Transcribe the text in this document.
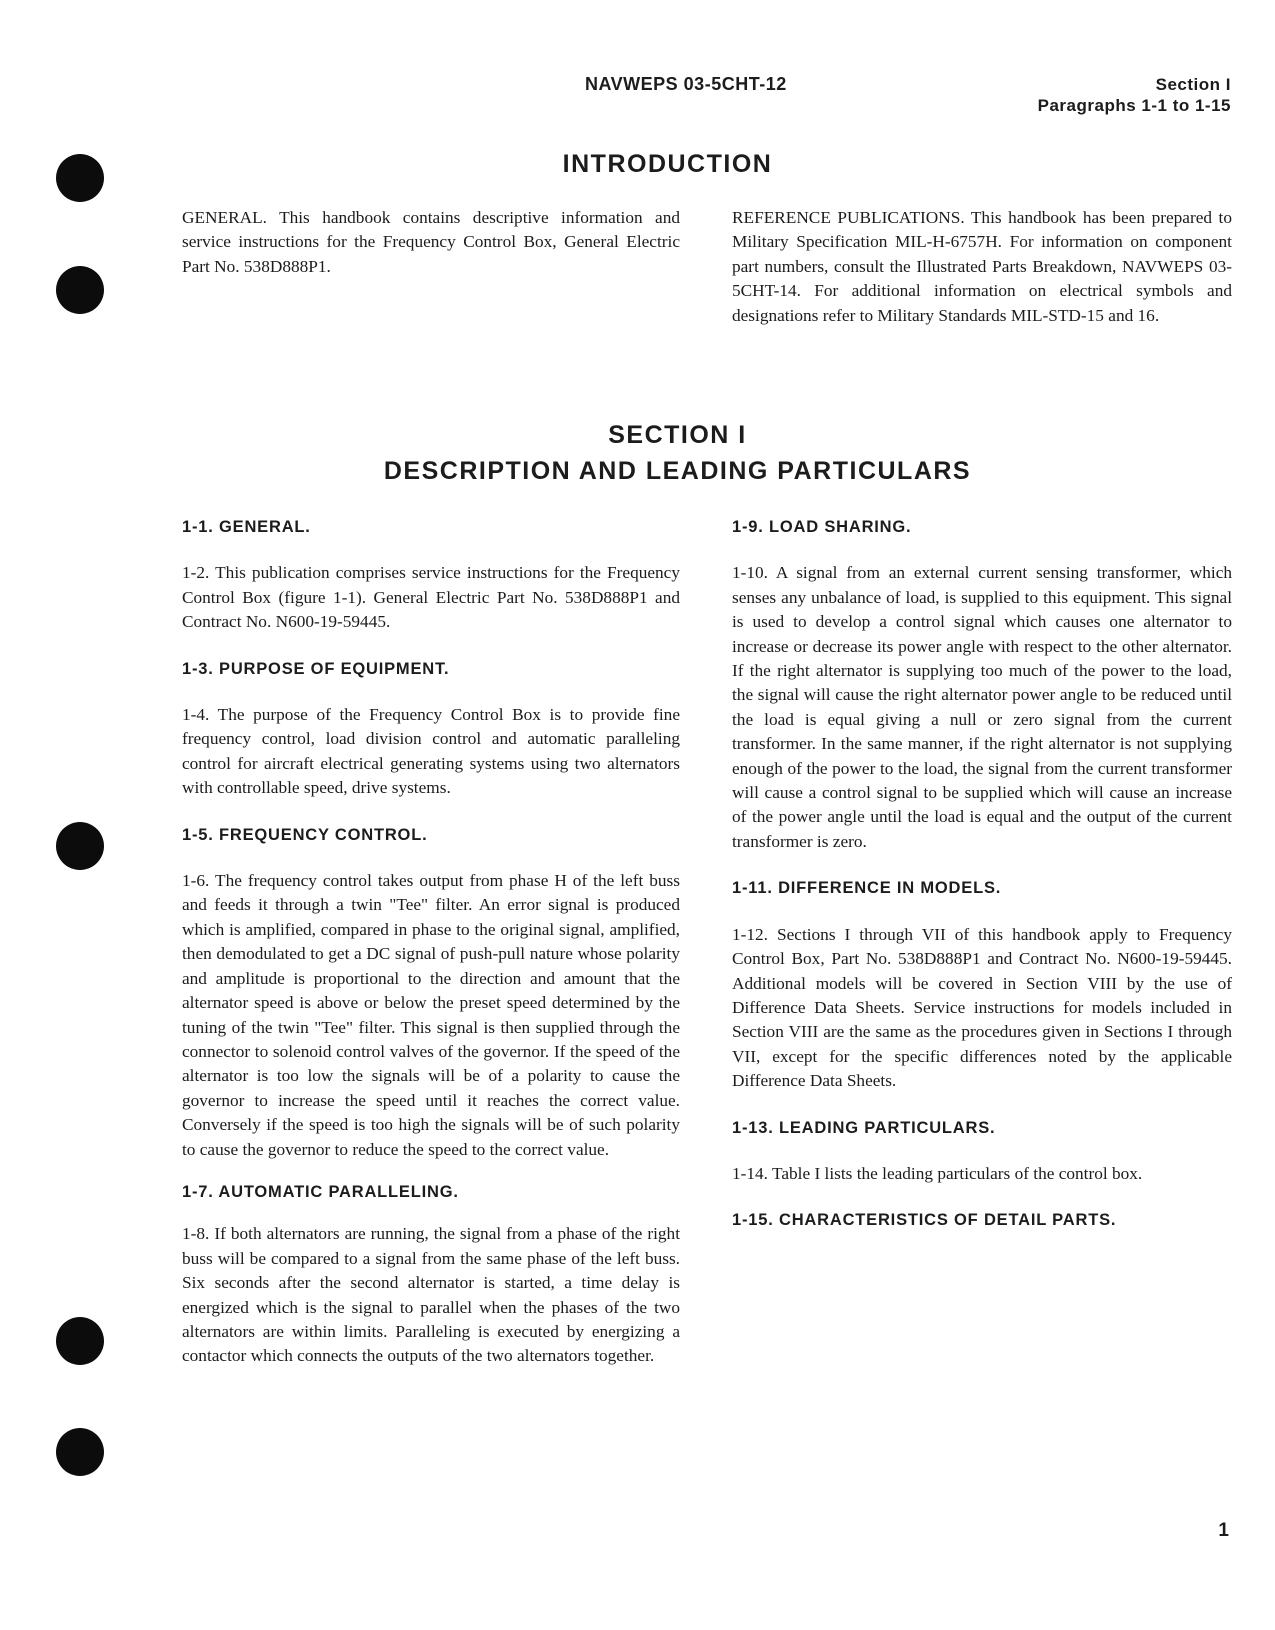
NAVWEPS 03-5CHT-12	Section I
Paragraphs 1-1 to 1-15
INTRODUCTION

GENERAL. This handbook contains descriptive information and service instructions for the Frequency Control Box, General Electric Part No. 538D888P1.

REFERENCE PUBLICATIONS. This handbook has been prepared to Military Specification MIL-H-6757H. For information on component part numbers, consult the Illustrated Parts Breakdown, NAVWEPS 03-5CHT-14. For additional information on electrical symbols and designations refer to Military Standards MIL-STD-15 and 16.

SECTION I
DESCRIPTION AND LEADING PARTICULARS

1-1. GENERAL.

1-2. This publication comprises service instructions for the Frequency Control Box (figure 1-1). General Electric Part No. 538D888P1 and Contract No. N600-19-59445.

1-3. PURPOSE OF EQUIPMENT.

1-4. The purpose of the Frequency Control Box is to provide fine frequency control, load division control and automatic paralleling control for aircraft electrical generating systems using two alternators with controllable speed, drive systems.

1-5. FREQUENCY CONTROL.

1-6. The frequency control takes output from phase H of the left buss and feeds it through a twin "Tee" filter. An error signal is produced which is amplified, compared in phase to the original signal, amplified, then demodulated to get a DC signal of push-pull nature whose polarity and amplitude is proportional to the direction and amount that the alternator speed is above or below the preset speed determined by the tuning of the twin "Tee" filter. This signal is then supplied through the connector to solenoid control valves of the governor. If the speed of the alternator is too low the signals will be of a polarity to cause the governor to increase the speed until it reaches the correct value. Conversely if the speed is too high the signals will be of such polarity to cause the governor to reduce the speed to the correct value.

1-7. AUTOMATIC PARALLELING.

1-8. If both alternators are running, the signal from a phase of the right buss will be compared to a signal from the same phase of the left buss. Six seconds after the second alternator is started, a time delay is energized which is the signal to parallel when the phases of the two alternators are within limits. Paralleling is executed by energizing a contactor which connects the outputs of the two alternators together.

1-9. LOAD SHARING.

1-10. A signal from an external current sensing transformer, which senses any unbalance of load, is supplied to this equipment. This signal is used to develop a control signal which causes one alternator to increase or decrease its power angle with respect to the other alternator. If the right alternator is supplying too much of the power to the load, the signal will cause the right alternator power angle to be reduced until the load is equal giving a null or zero signal from the current transformer. In the same manner, if the right alternator is not supplying enough of the power to the load, the signal from the current transformer will cause a control signal to be supplied which will cause an increase of the power angle until the load is equal and the output of the current transformer is zero.

1-11. DIFFERENCE IN MODELS.

1-12. Sections I through VII of this handbook apply to Frequency Control Box, Part No. 538D888P1 and Contract No. N600-19-59445. Additional models will be covered in Section VIII by the use of Difference Data Sheets. Service instructions for models included in Section VIII are the same as the procedures given in Sections I through VII, except for the specific differences noted by the applicable Difference Data Sheets.

1-13. LEADING PARTICULARS.

1-14. Table I lists the leading particulars of the control box.

1-15. CHARACTERISTICS OF DETAIL PARTS.

1
